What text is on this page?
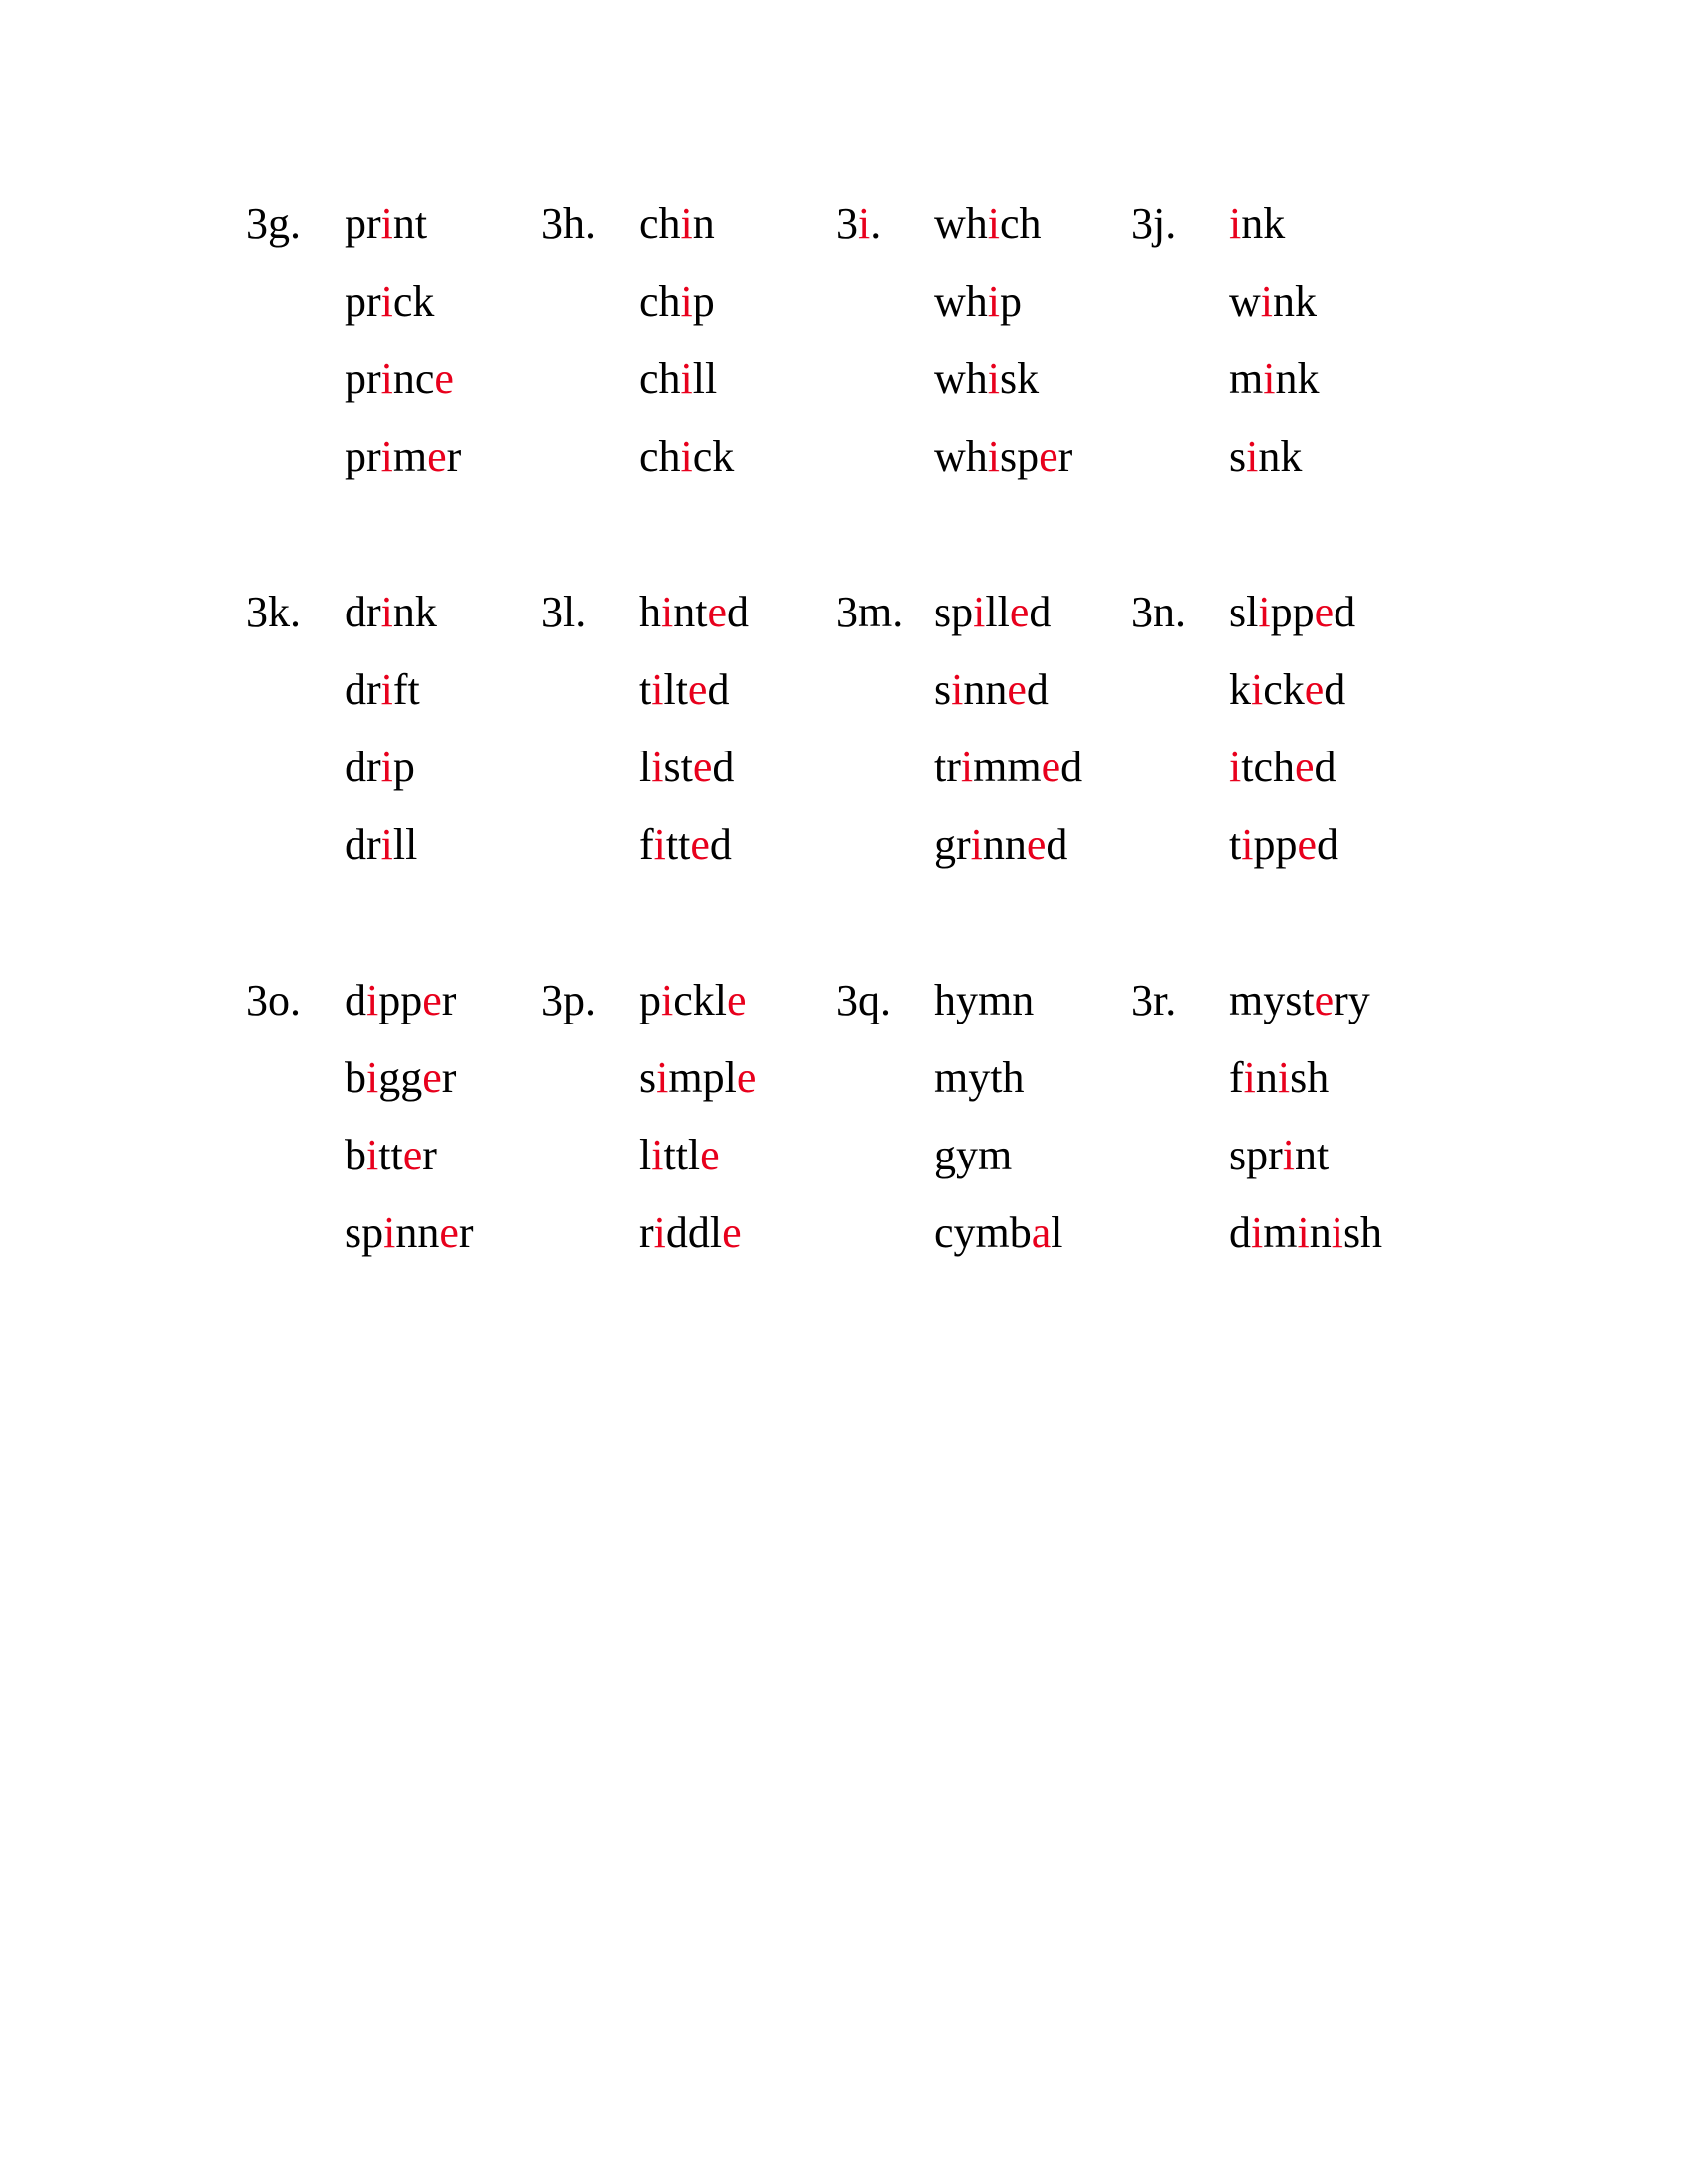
3g. print
prick
prince
primer
3h. chin
chip
chill
chick
3i. which
whip
whisk
whisper
3j. ink
wink
mink
sink
3k. drink
drift
drip
drill
3l. hinted
tilted
listed
fitted
3m. spilled
sinned
trimmed
grinned
3n. slipped
kicked
itched
tipped
3o. dipper
bigger
bitter
spinner
3p. pickle
simple
little
riddle
3q. hymn
myth
gym
cymbal
3r. mystery
finish
sprint
diminish
